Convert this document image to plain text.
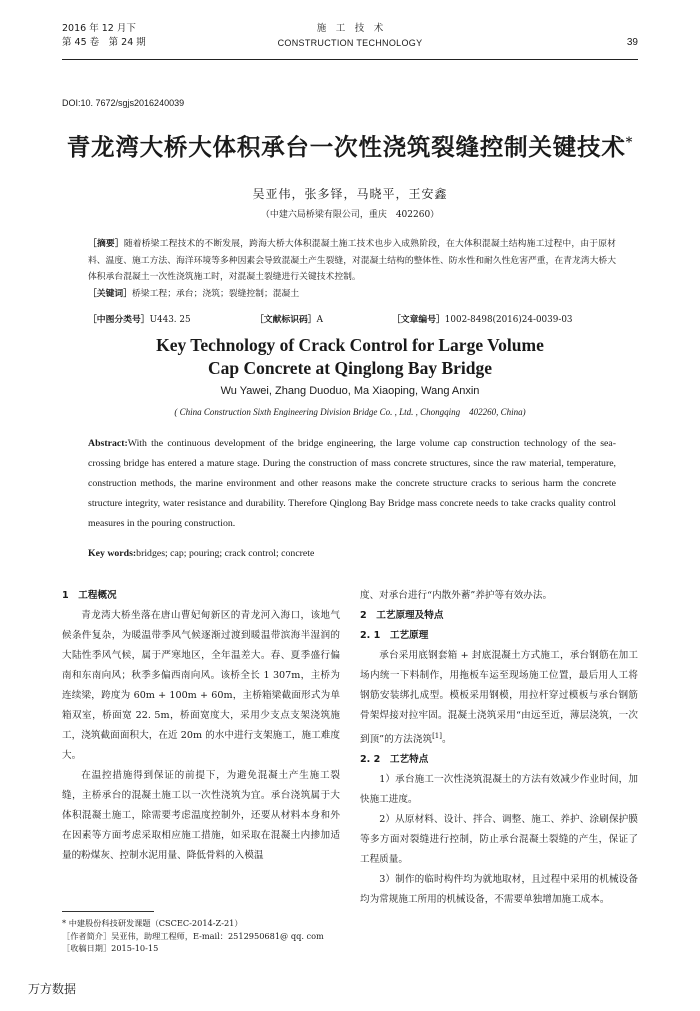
2016 年 12 月下
第 45 卷　第 24 期
施　工　技　术
CONSTRUCTION TECHNOLOGY	39
DOI:10. 7672/sgjs2016240039
青龙湾大桥大体积承台一次性浇筑裂缝控制关键技术*
吴亚伟，张多铎，马晓平，王安鑫
（中建六局桥梁有限公司，重庆　402260）

［摘要］随着桥梁工程技术的不断发展，跨海大桥大体积混凝土施工技术也步入成熟阶段，在大体积混凝土结构施工过程中，由于原材料、温度、施工方法、海洋环境等多种因素会导致混凝土产生裂缝，对混凝土结构的整体性、防水性和耐久性危害严重，在青龙湾大桥大体积承台混凝土一次性浇筑施工时，对混凝土裂缝进行关键技术控制。

［关键词］桥梁工程；承台；浇筑；裂缝控制；混凝土

［中图分类号］U443. 25	［文献标识码］A	［文章编号］1002-8498(2016)24-0039-03
Key Technology of Crack Control for Large Volume
Cap Concrete at Qinglong Bay Bridge
Wu Yawei, Zhang Duoduo, Ma Xiaoping, Wang Anxin
( China Construction Sixth Engineering Division Bridge Co. , Ltd. , Chongqing　402260, China)
Abstract:With the continuous development of the bridge engineering, the large volume cap construction technology of the sea-crossing bridge has entered a mature stage. During the construction of mass concrete structures, since the raw material, temperature, construction methods, the marine environment and other reasons make the concrete structure cracks to serious harm the concrete structure integrity, water resistance and durability. Therefore Qinglong Bay Bridge mass concrete needs to take cracks quality control measures in the pouring construction.
Key words:bridges; cap; pouring; crack control; concrete
1　工程概况

青龙湾大桥坐落在唐山曹妃甸新区的青龙河入海口，该地气候条件复杂，为暖温带季风气候逐渐过渡到暖温带滨海半湿润的大陆性季风气候，属于严寒地区，全年温差大。春、夏季盛行偏南和东南向风；秋季多偏西南向风。该桥全长 1 307m，主桥为连续梁，跨度为 60m + 100m + 60m，主桥箱梁截面形式为单箱双室，桥面宽 22. 5m，桥面宽度大，采用少支点支架浇筑施工，浇筑截面面积大，在近 20m 的水中进行支架施工，施工难度大。

在温控措施得到保证的前提下，为避免混凝土产生施工裂缝，主桥承台的混凝土施工以一次性浇筑为宜。承台浇筑属于大体积混凝土施工，除需要考虑温度控制外，还要从材料本身和外在因素等方面考虑采取相应施工措施，如采取在混凝土内掺加适量的粉煤灰、控制水泥用量、降低骨料的入模温

度、对承台进行“内散外蓄”养护等有效办法。

2　工艺原理及特点
2. 1　工艺原理

承台采用底钢套箱 + 封底混凝土方式施工，承台钢筋在加工场内统一下料制作，用拖板车运至现场施工位置，最后用人工将钢筋安装绑扎成型。模板采用钢模，用拉杆穿过模板与承台钢筋骨架焊接对拉牢固。混凝土浇筑采用“由远至近，薄层浇筑，一次到顶”的方法浇筑[1]。

2. 2　工艺特点

1）承台施工一次性浇筑混凝土的方法有效减少作业时间，加快施工进度。

2）从原材料、设计、拌合、调整、施工、养护、涂刷保护膜等多方面对裂缝进行控制，防止承台混凝土裂缝的产生，保证了工程质量。

3）制作的临时构件均为就地取材，且过程中采用的机械设备均为常规施工所用的机械设备，不需要单独增加施工成本。

* 中建股份科技研发课题（CSCEC-2014-Z-21）
［作者简介］吴亚伟，助理工程师，E-mail：2512950681@ qq. com
［收稿日期］2015-10-15
万方数据
